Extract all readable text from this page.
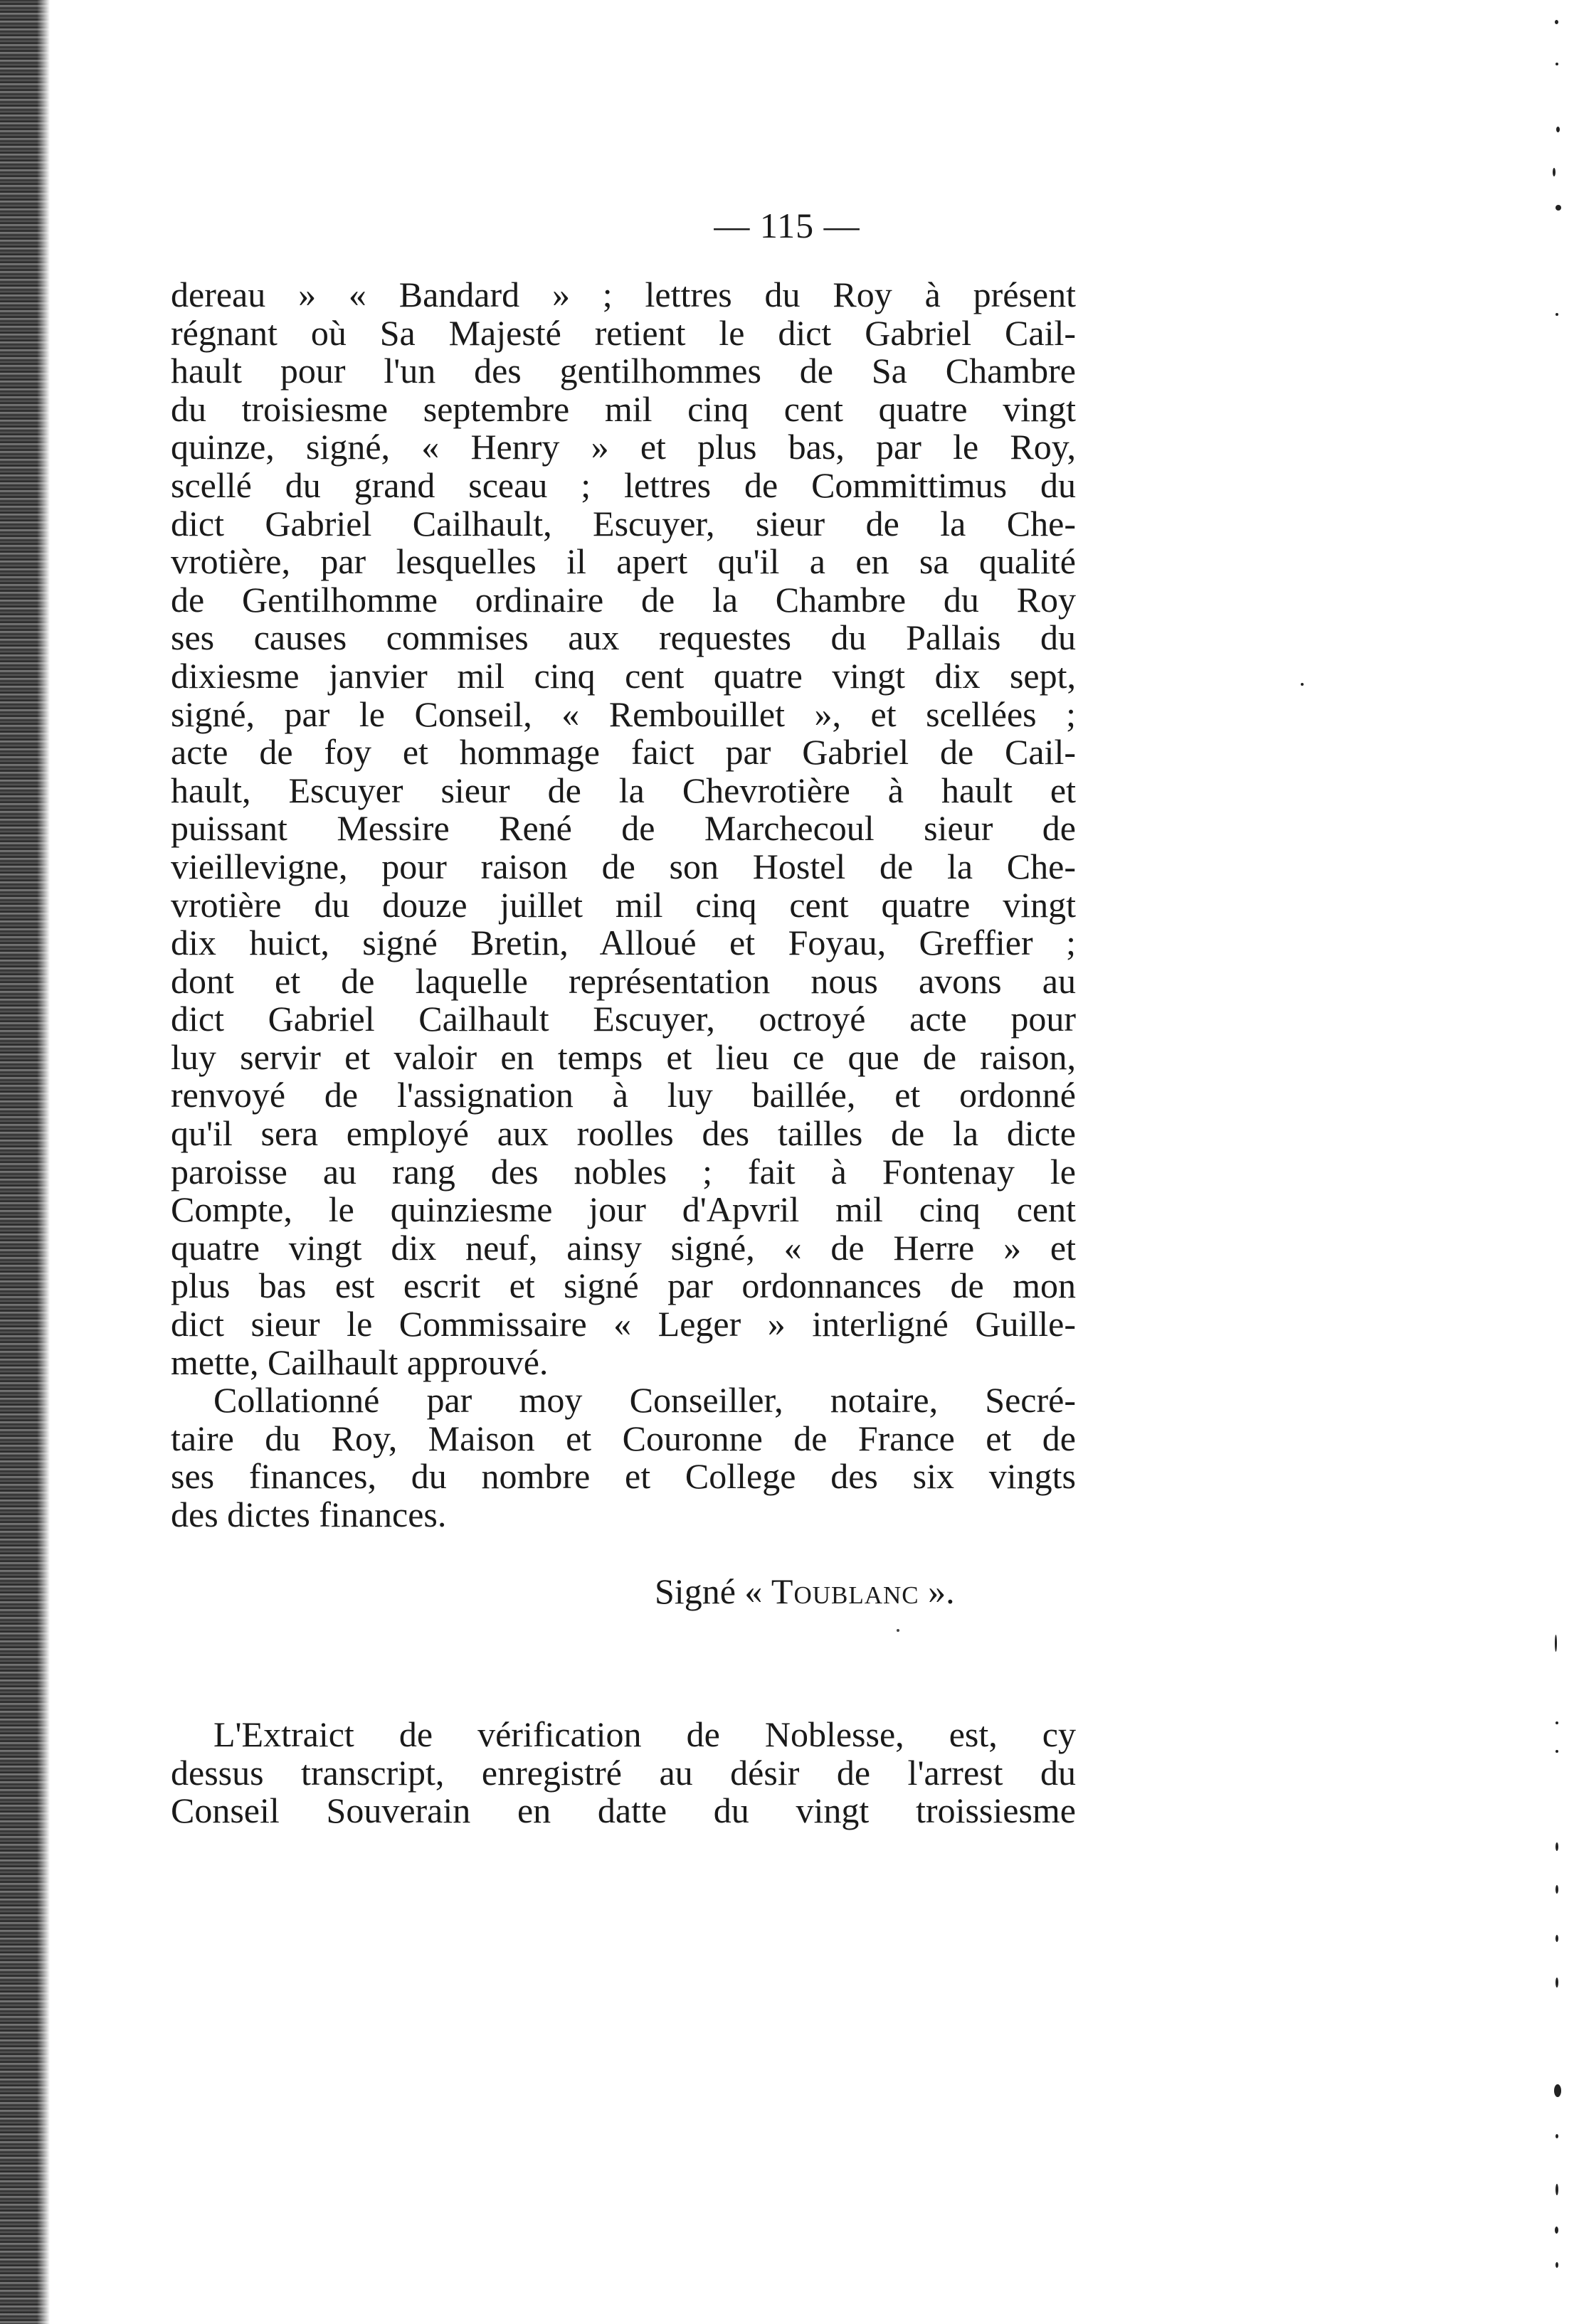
— 115 —
dereau » « Bandard » ; lettres du Roy à présent
régnant où Sa Majesté retient le dict Gabriel Cail-
hault pour l'un des gentilhommes de Sa Chambre
du troisiesme septembre mil cinq cent quatre vingt
quinze, signé, « Henry » et plus bas, par le Roy,
scellé du grand sceau ; lettres de Committimus du
dict Gabriel Cailhault, Escuyer, sieur de la Che-
vrotière, par lesquelles il apert qu'il a en sa qualité
de Gentilhomme ordinaire de la Chambre du Roy
ses causes commises aux requestes du Pallais du
dixiesme janvier mil cinq cent quatre vingt dix sept,
signé, par le Conseil, « Rembouillet », et scellées ;
acte de foy et hommage faict par Gabriel de Cail-
hault, Escuyer sieur de la Chevrotière à hault et
puissant Messire René de Marchecoul sieur de
vieillevigne, pour raison de son Hostel de la Che-
vrotière du douze juillet mil cinq cent quatre vingt
dix huict, signé Bretin, Alloué et Foyau, Greffier ;
dont et de laquelle représentation nous avons au
dict Gabriel Cailhault Escuyer, octroyé acte pour
luy servir et valoir en temps et lieu ce que de raison,
renvoyé de l'assignation à luy baillée, et ordonné
qu'il sera employé aux roolles des tailles de la dicte
paroisse au rang des nobles ; fait à Fontenay le
Compte, le quinziesme jour d'Apvril mil cinq cent
quatre vingt dix neuf, ainsy signé, « de Herre » et
plus bas est escrit et signé par ordonnances de mon
dict sieur le Commissaire « Leger » interligné Guille-
mette, Cailhault approuvé.
Collationné par moy Conseiller, notaire, Secré-
taire du Roy, Maison et Couronne de France et de
ses finances, du nombre et College des six vingts
des dictes finances.
Signé « Toublanc ».
L'Extraict de vérification de Noblesse, est, cy
dessus transcript, enregistré au désir de l'arrest du
Conseil Souverain en datte du vingt troissiesme
